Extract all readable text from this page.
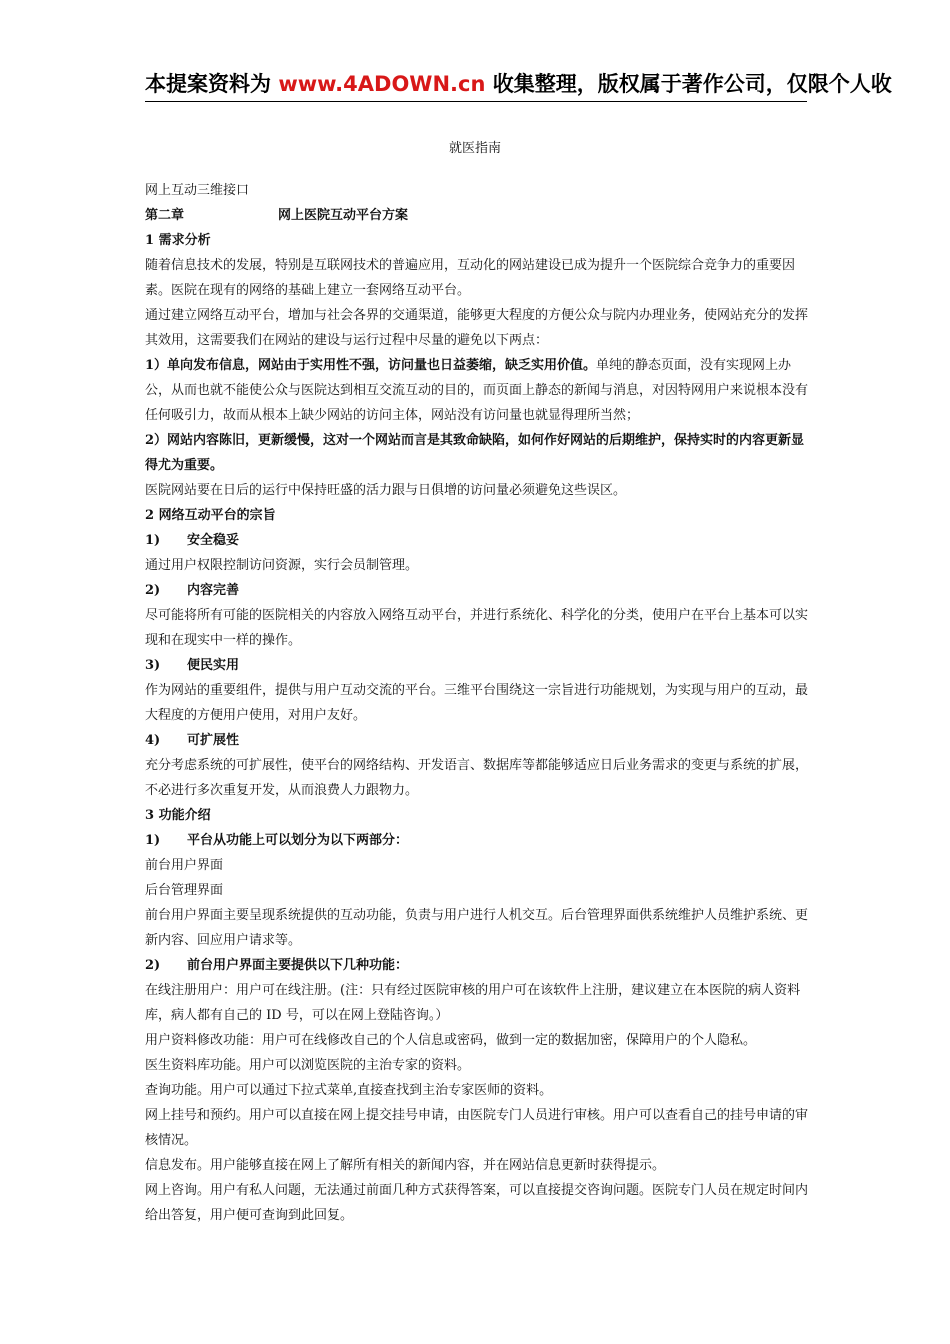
本提案资料为 www.4ADOWN.cn 收集整理，版权属于著作公司，仅限个人收
就医指南

网上互动三维接口

第二章	网上医院互动平台方案

1 需求分析

随着信息技术的发展，特别是互联网技术的普遍应用，互动化的网站建设已成为提升一个医院综合竞争力的重要因素。医院在现有的网络的基础上建立一套网络互动平台。

通过建立网络互动平台，增加与社会各界的交通渠道，能够更大程度的方便公众与院内办理业务，使网站充分的发挥其效用，这需要我们在网站的建设与运行过程中尽量的避免以下两点：

1）单向发布信息，网站由于实用性不强，访问量也日益萎缩，缺乏实用价值。单纯的静态页面，没有实现网上办公，从而也就不能使公众与医院达到相互交流互动的目的，而页面上静态的新闻与消息，对因特网用户来说根本没有任何吸引力，故而从根本上缺少网站的访问主体，网站没有访问量也就显得理所当然；

2）网站内容陈旧，更新缓慢，这对一个网站而言是其致命缺陷，如何作好网站的后期维护，保持实时的内容更新显得尤为重要。

医院网站要在日后的运行中保持旺盛的活力跟与日俱增的访问量必须避免这些误区。

2 网络互动平台的宗旨

1) 安全稳妥

通过用户权限控制访问资源，实行会员制管理。

2) 内容完善

尽可能将所有可能的医院相关的内容放入网络互动平台，并进行系统化、科学化的分类，使用户在平台上基本可以实现和在现实中一样的操作。

3) 便民实用

作为网站的重要组件，提供与用户互动交流的平台。三维平台围绕这一宗旨进行功能规划，为实现与用户的互动，最大程度的方便用户使用，对用户友好。

4) 可扩展性

充分考虑系统的可扩展性，使平台的网络结构、开发语言、数据库等都能够适应日后业务需求的变更与系统的扩展，不必进行多次重复开发，从而浪费人力跟物力。

3 功能介绍

1) 平台从功能上可以划分为以下两部分：

前台用户界面

后台管理界面

前台用户界面主要呈现系统提供的互动功能，负责与用户进行人机交互。后台管理界面供系统维护人员维护系统、更新内容、回应用户请求等。

2) 前台用户界面主要提供以下几种功能：

在线注册用户：用户可在线注册。(注：只有经过医院审核的用户可在该软件上注册，建议建立在本医院的病人资料库，病人都有自己的 ID 号，可以在网上登陆咨询。）

用户资料修改功能：用户可在线修改自己的个人信息或密码，做到一定的数据加密，保障用户的个人隐私。

医生资料库功能。用户可以浏览医院的主治专家的资料。

查询功能。用户可以通过下拉式菜单,直接查找到主治专家医师的资料。

网上挂号和预约。用户可以直接在网上提交挂号申请，由医院专门人员进行审核。用户可以查看自己的挂号申请的审核情况。

信息发布。用户能够直接在网上了解所有相关的新闻内容，并在网站信息更新时获得提示。

网上咨询。用户有私人问题，无法通过前面几种方式获得答案，可以直接提交咨询问题。医院专门人员在规定时间内给出答复，用户便可查询到此回复。
